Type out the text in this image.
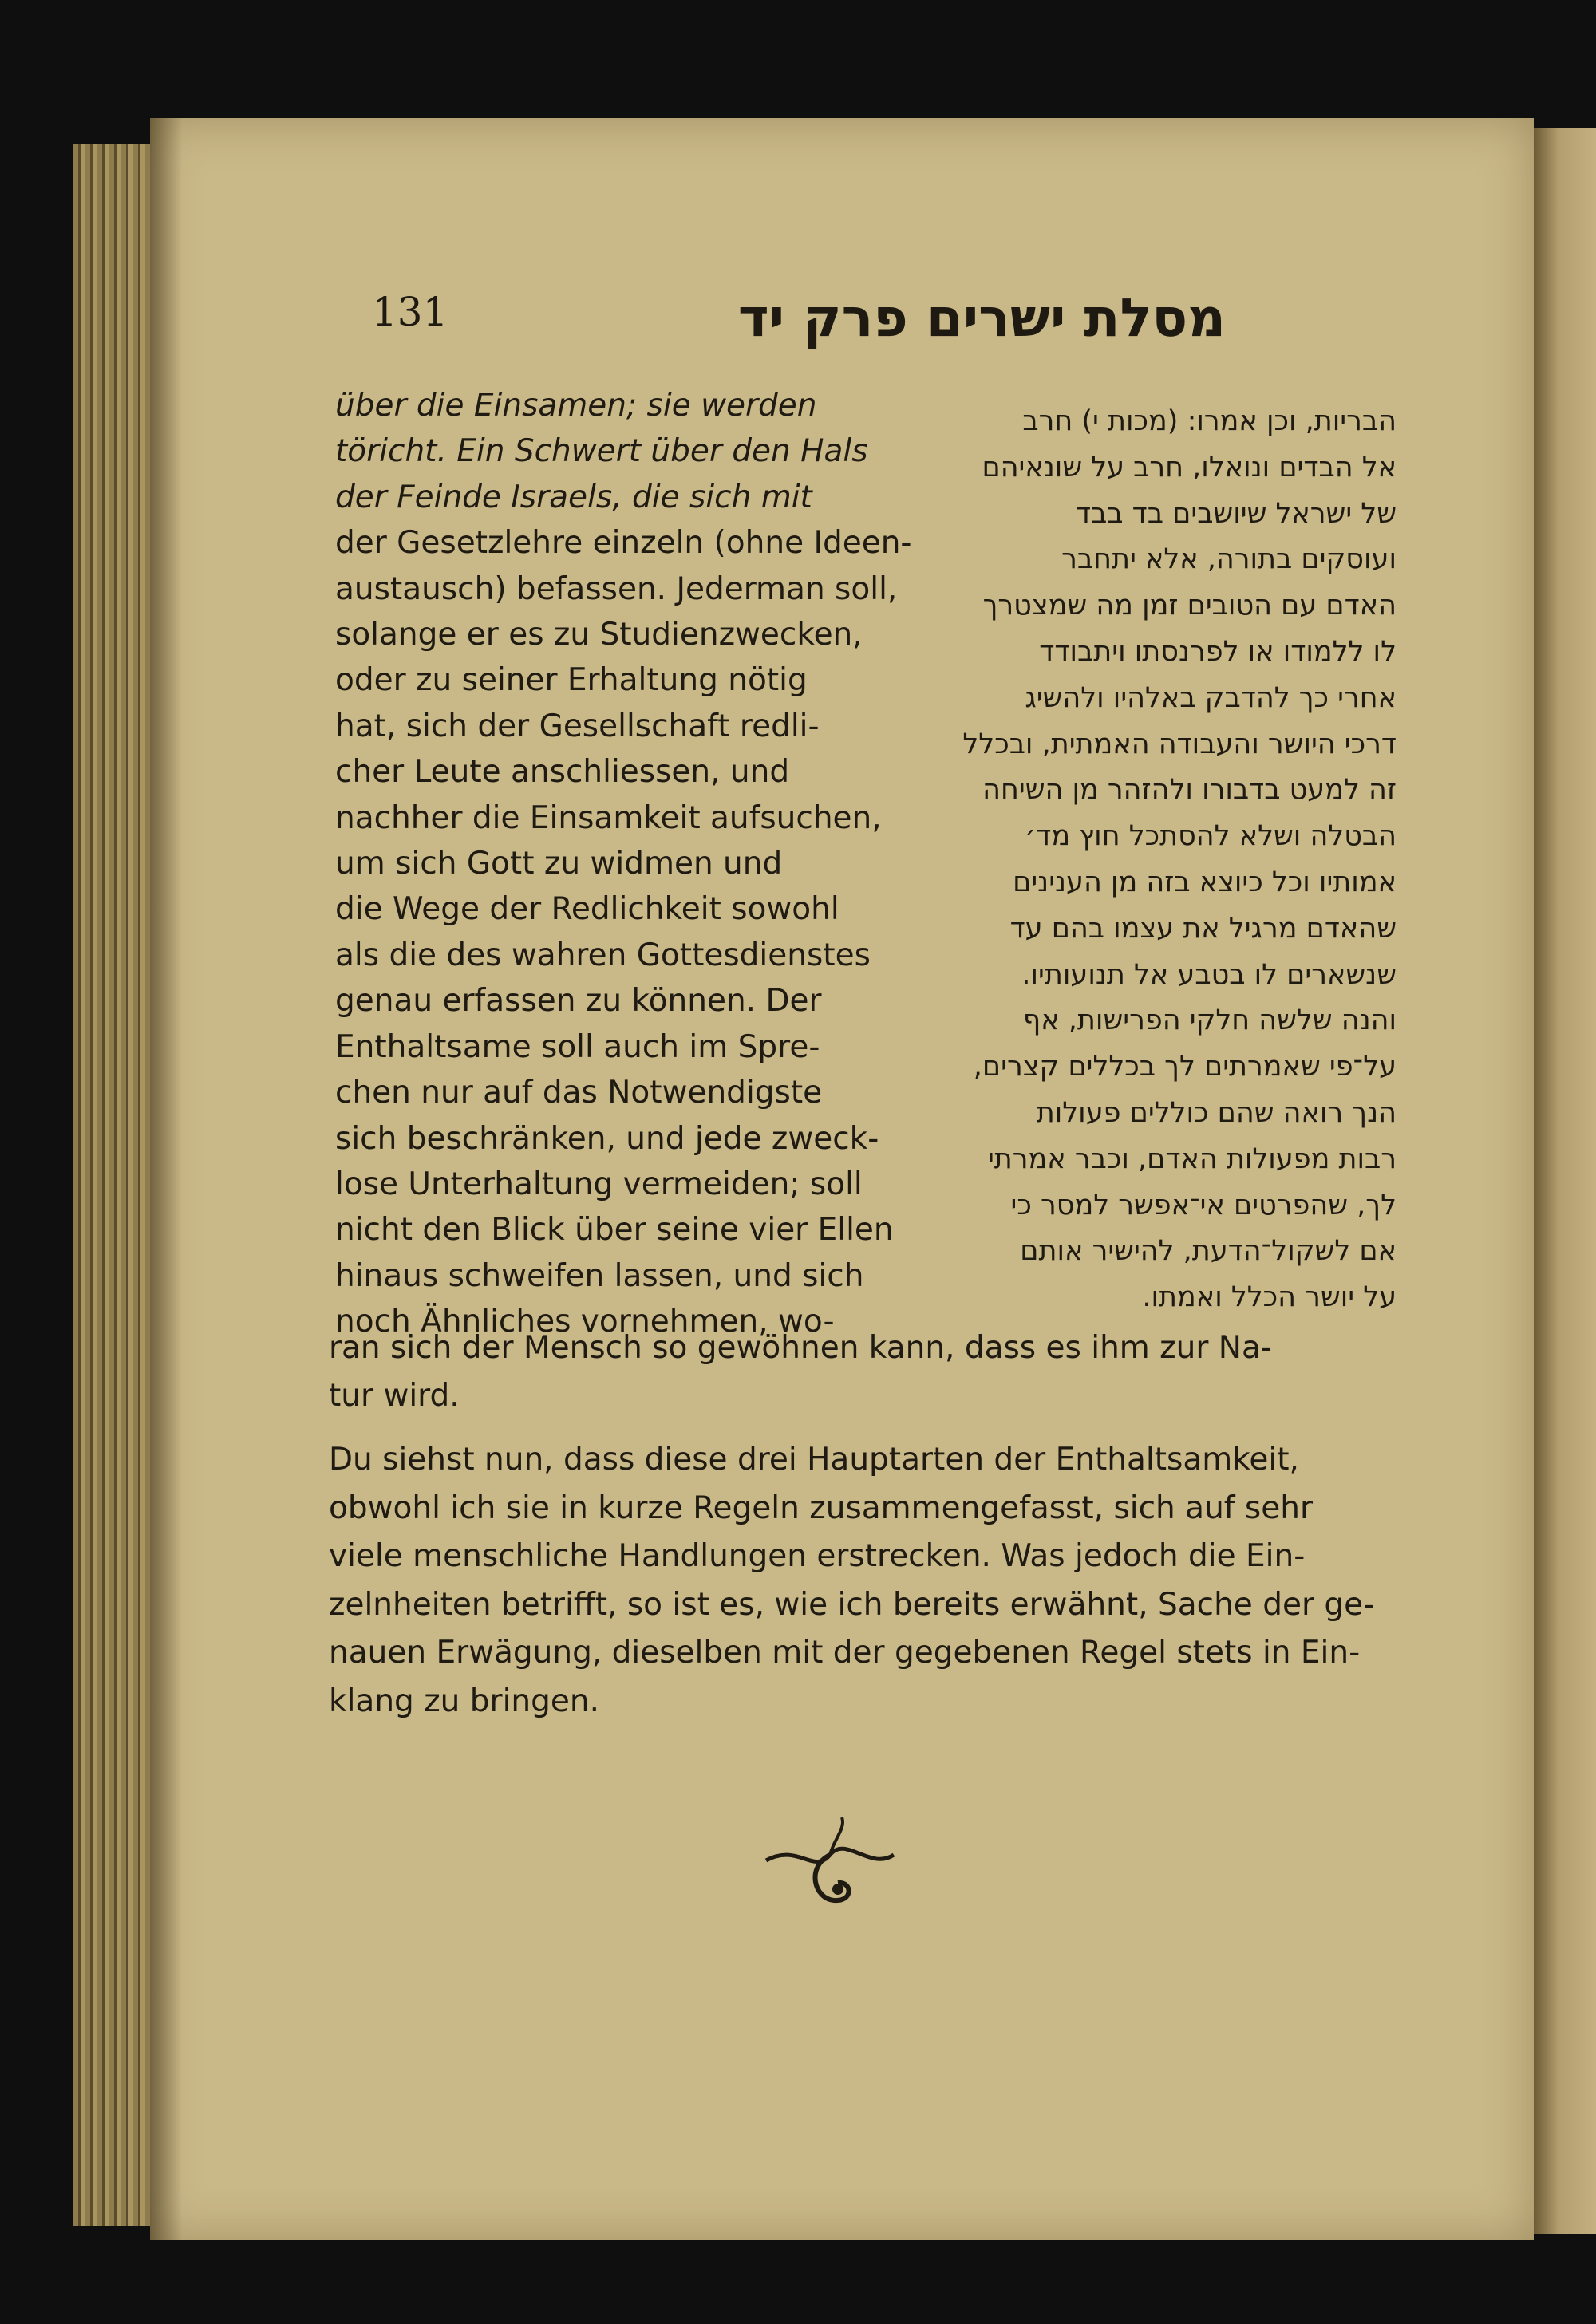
131	מסלת ישרים פרק יד
über die Einsamen; sie werden
töricht. Ein Schwert über den Hals
der Feinde Israels, die sich mit
der Gesetzlehre einzeln (ohne Ideen-
austausch) befassen. Jederman soll,
solange er es zu Studienzwecken,
oder zu seiner Erhaltung nötig
hat, sich der Gesellschaft redli-
cher Leute anschliessen, und
nachher die Einsamkeit aufsuchen,
um sich Gott zu widmen und
die Wege der Redlichkeit sowohl
als die des wahren Gottesdienstes
genau erfassen zu können. Der
Enthaltsame soll auch im Spre-
chen nur auf das Notwendigste
sich beschränken, und jede zweck-
lose Unterhaltung vermeiden; soll
nicht den Blick über seine vier Ellen
hinaus schweifen lassen, und sich
noch Ähnliches vornehmen, wo-
הבריות, וכן אמרו: (מכות י) חרב
אל הבדים ונואלו, חרב על שונאיהם
של ישראל שיושבים בד בבד
ועוסקים בתורה, אלא יתחבר
האדם עם הטובים זמן מה שמצטרך
לו ללמודו או לפרנסתו ויתבודד
אחרי כך להדבק באלהיו ולהשיג
דרכי היושר והעבודה האמתית, ובכלל
זה למעט בדבורו ולהזהר מן השיחה
הבטלה ושלא להסתכל חוץ מד׳
אמותיו וכל כיוצא בזה מן הענינים
שהאדם מרגיל את עצמו בהם עד
שנשארים לו בטבע אל תנועותיו.
והנה שלשה חלקי הפרישות, אף
על־פי שאמרתים לך בכללים קצרים,
הנך רואה שהם כוללים פעולות
רבות מפעולות האדם, וכבר אמרתי
לך, שהפרטים אי־אפשר למסר כי
אם לשקול־הדעת, להישיר אותם
על יושר הכלל ואמתו.
ran sich der Mensch so gewöhnen kann, dass es ihm zur Na-
tur wird.
Du siehst nun, dass diese drei Hauptarten der Enthaltsamkeit,
obwohl ich sie in kurze Regeln zusammengefasst, sich auf sehr
viele menschliche Handlungen erstrecken. Was jedoch die Ein-
zelnheiten betrifft, so ist es, wie ich bereits erwähnt, Sache der ge-
nauen Erwägung, dieselben mit der gegebenen Regel stets in Ein-
klang zu bringen.
